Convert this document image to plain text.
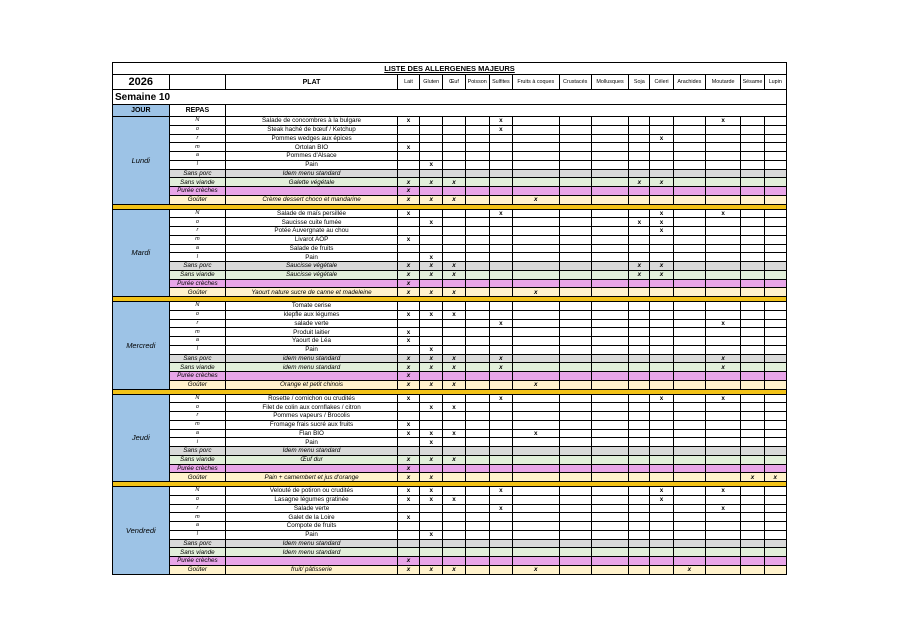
LISTE DES ALLERGENES MAJEURS																
2026		PLAT	Lait	Gluten	Œuf	Poisson	Sulfites	Fruits à coques	Crustacés	Mollusques	Soja	Céleri	Arachides	Moutarde	Sésame	Lupin
Semaine 10																
JOUR	REPAS															
Lundi	N	Salade de concombres à la bulgare	x				x							x		
	o	Steak haché de bœuf / Ketchup					x									
	r	Pommes wedges aux épices										x				
	m	Ortolan BIO	x													
	a	Pommes d'Alsace														
	l	Pain		x												
	Sans porc	Idem menu standard														
	Sans viande	Galette végétale	x	x	x						x	x				
	Purée crèches		x													
	Goûter	Crème dessert choco et mandarine	x	x	x			x								

Mardi	N	Salade de maïs persillée	x				x					x		x		
	o	Saucisse cuite fumée		x							x	x				
	r	Potée Auvergnate au chou										x				
	m	Livarot AOP	x													
	a	Salade de fruits														
	l	Pain		x												
	Sans porc	Saucisse végétale	x	x	x						x	x				
	Sans viande	Saucisse végétale	x	x	x						x	x				
	Purée crèches		x													
	Goûter	Yaourt nature sucre de canne et madeleine	x	x	x			x								

Mercredi	N	Tomate cerise														
	o	klepfle aux légumes	x	x	x											
	r	salade verte					x							x		
	m	Produit laitier	x													
	a	Yaourt de Léa	x													
	l	Pain		x												
	Sans porc	idem menu standard	x	x	x		x							x		
	Sans viande	idem menu standard	x	x	x		x							x		
	Purée crèches		x													
	Goûter	Orange et petit chinois	x	x	x			x								

Jeudi	N	Rosette / cornichon ou crudités	x				x					x		x		
	o	Filet de colin aux cornflakes / citron		x	x											
	r	Pommes vapeurs / Brocolis														
	m	Fromage frais sucré aux fruits	x													
	a	Flan BIO	x	x	x			x								
	i	Pain		x												
	Sans porc	Idem menu standard														
	Sans viande	Œuf dur	x	x	x											
	Purée crèches		x													
	Goûter	Pain + camembert et jus d'orange	x	x											x	x

Vendredi	N	Velouté de potiron ou crudités	x	x			x					x		x		
	o	Lasagne légumes gratinée	x	x	x							x				
	r	Salade verte					x							x		
	m	Galet de la Loire	x													
	a	Compote de fruits														
	l	Pain		x												
	Sans porc	Idem menu standard														
	Sans viande	Idem menu standard														
	Purée crèches		x													
	Goûter	fruit/ pâtisserie	x	x	x			x					x			
